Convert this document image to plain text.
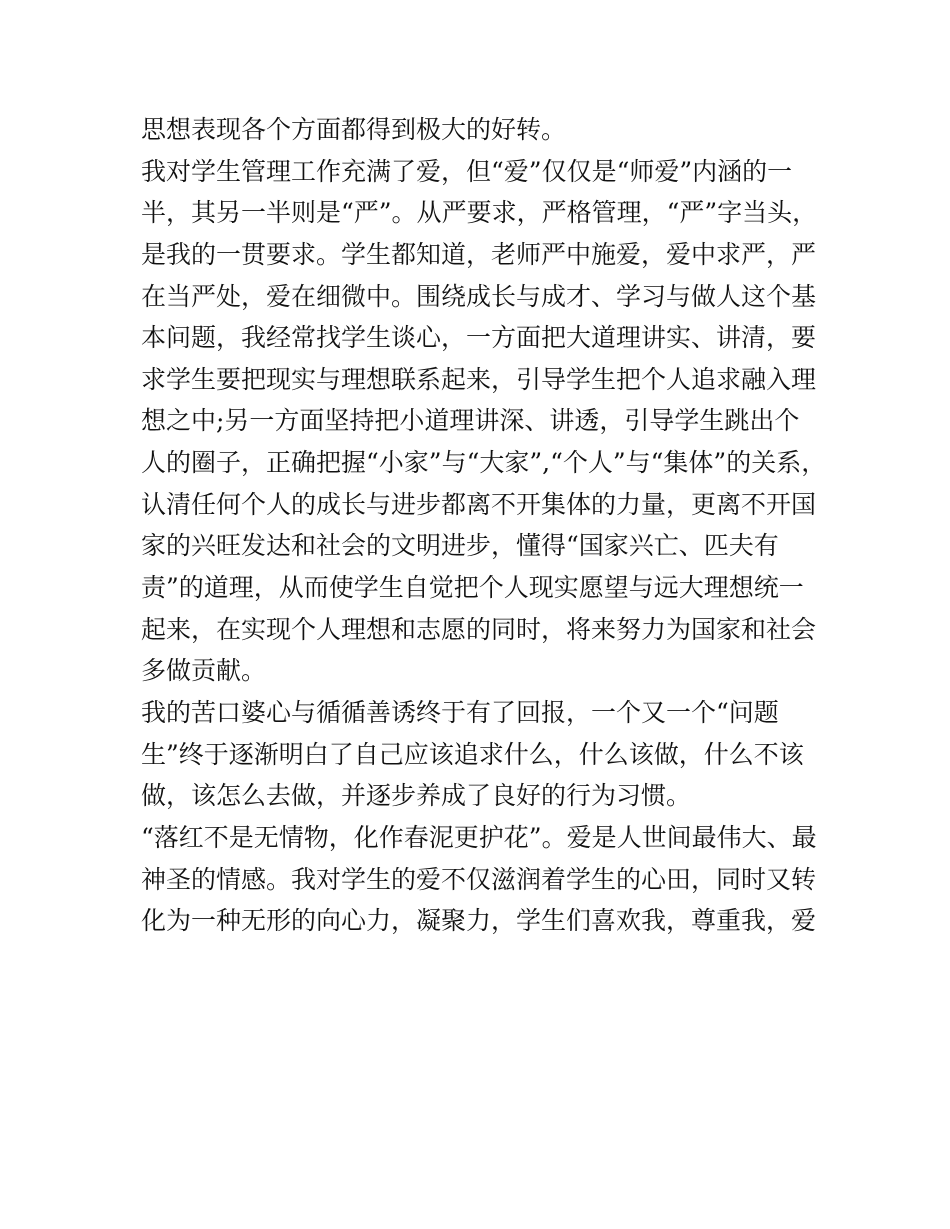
思想表现各个方面都得到极大的好转。
我对学生管理工作充满了爱，但“爱”仅仅是“师爱”内涵的一
半，其另一半则是“严”。从严要求，严格管理，“严”字当头，
是我的一贯要求。学生都知道，老师严中施爱，爱中求严，严
在当严处，爱在细微中。围绕成长与成才、学习与做人这个基
本问题，我经常找学生谈心，一方面把大道理讲实、讲清，要
求学生要把现实与理想联系起来，引导学生把个人追求融入理
想之中;另一方面坚持把小道理讲深、讲透，引导学生跳出个
人的圈子，正确把握“小家”与“大家”,“个人”与“集体”的关系，
认清任何个人的成长与进步都离不开集体的力量，更离不开国
家的兴旺发达和社会的文明进步，懂得“国家兴亡、匹夫有
责”的道理，从而使学生自觉把个人现实愿望与远大理想统一
起来，在实现个人理想和志愿的同时，将来努力为国家和社会
多做贡献。
我的苦口婆心与循循善诱终于有了回报，一个又一个“问题
生”终于逐渐明白了自己应该追求什么，什么该做，什么不该
做，该怎么去做，并逐步养成了良好的行为习惯。
“落红不是无情物，化作春泥更护花”。爱是人世间最伟大、最
神圣的情感。我对学生的爱不仅滋润着学生的心田，同时又转
化为一种无形的向心力，凝聚力，学生们喜欢我，尊重我，爱
